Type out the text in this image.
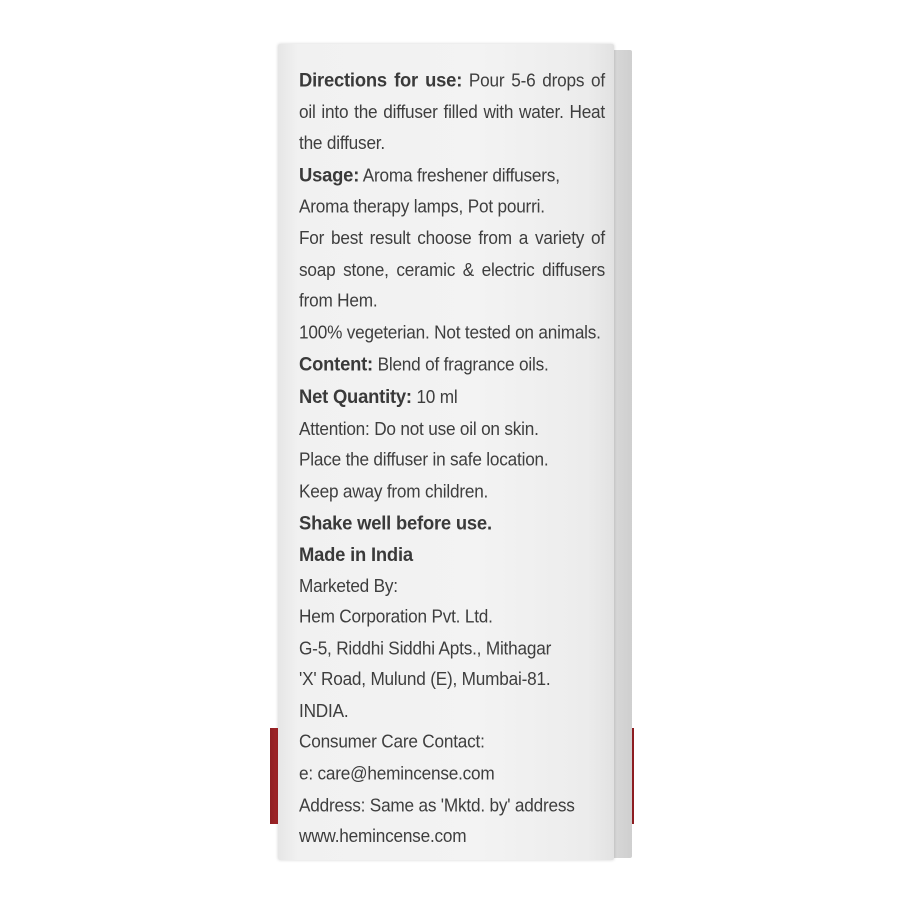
Directions for use: Pour 5-6 drops of oil into the diffuser filled with water. Heat the diffuser.

Usage: Aroma freshener diffusers, Aroma therapy lamps, Pot pourri.

For best result choose from a variety of soap stone, ceramic & electric diffusers from Hem.

100% vegeterian. Not tested on animals.

Content: Blend of fragrance oils.

Net Quantity: 10 ml

Attention: Do not use oil on skin.

Place the diffuser in safe location.

Keep away from children.

Shake well before use.

Made in India

Marketed By:

Hem Corporation Pvt. Ltd.

G-5, Riddhi Siddhi Apts., Mithagar

'X' Road, Mulund (E), Mumbai-81.

INDIA.

Consumer Care Contact:

e: care@hemincense.com

Address: Same as 'Mktd. by' address

www.hemincense.com
